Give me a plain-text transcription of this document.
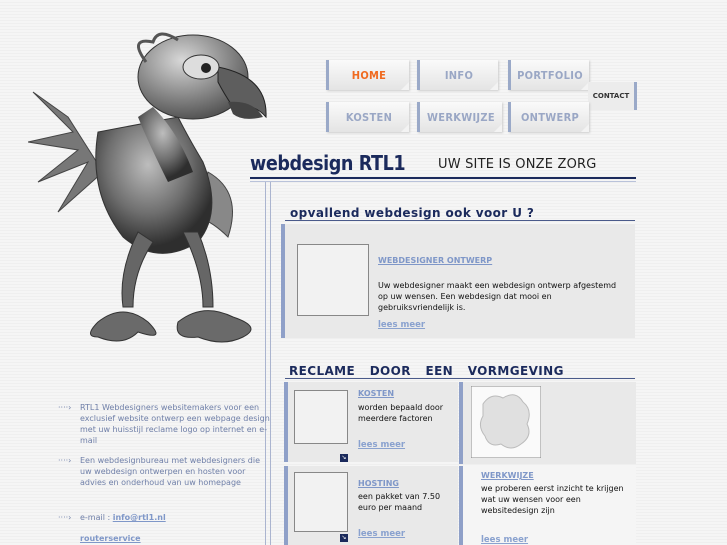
HOME	INFO	PORTFOLIO
CONTACT
KOSTEN	WERKWIJZE	ONTWERP
webdesign RTL1	UW SITE IS ONZE ZORG
opvallend webdesign ook voor U ?
WEBDESIGNER ONTWERP
Uw webdesigner maakt een webdesign ontwerp afgestemd op uw wensen. Een webdesign dat mooi en gebruiksvriendelijk is.
lees meer
RECLAME DOOR EEN VORMGEVING
KOSTEN
worden bepaald door meerdere factoren
↘
lees meer
HOSTING
een pakket van 7.50 euro per maand
↘ lees meer
WERKWIJZE
we proberen eerst inzicht te krijgen wat uw wensen voor een websitedesign zijn
lees meer
····› RTL1 Webdesigners websitemakers voor een exclusief website ontwerp een webpage design met uw huisstijl reclame logo op internet en e-mail
····› Een webdesignbureau met webdesigners die uw webdesign ontwerpen en hosten voor advies en onderhoud van uw homepage
····› e-mail : info@rtl1.nl
routerservice
